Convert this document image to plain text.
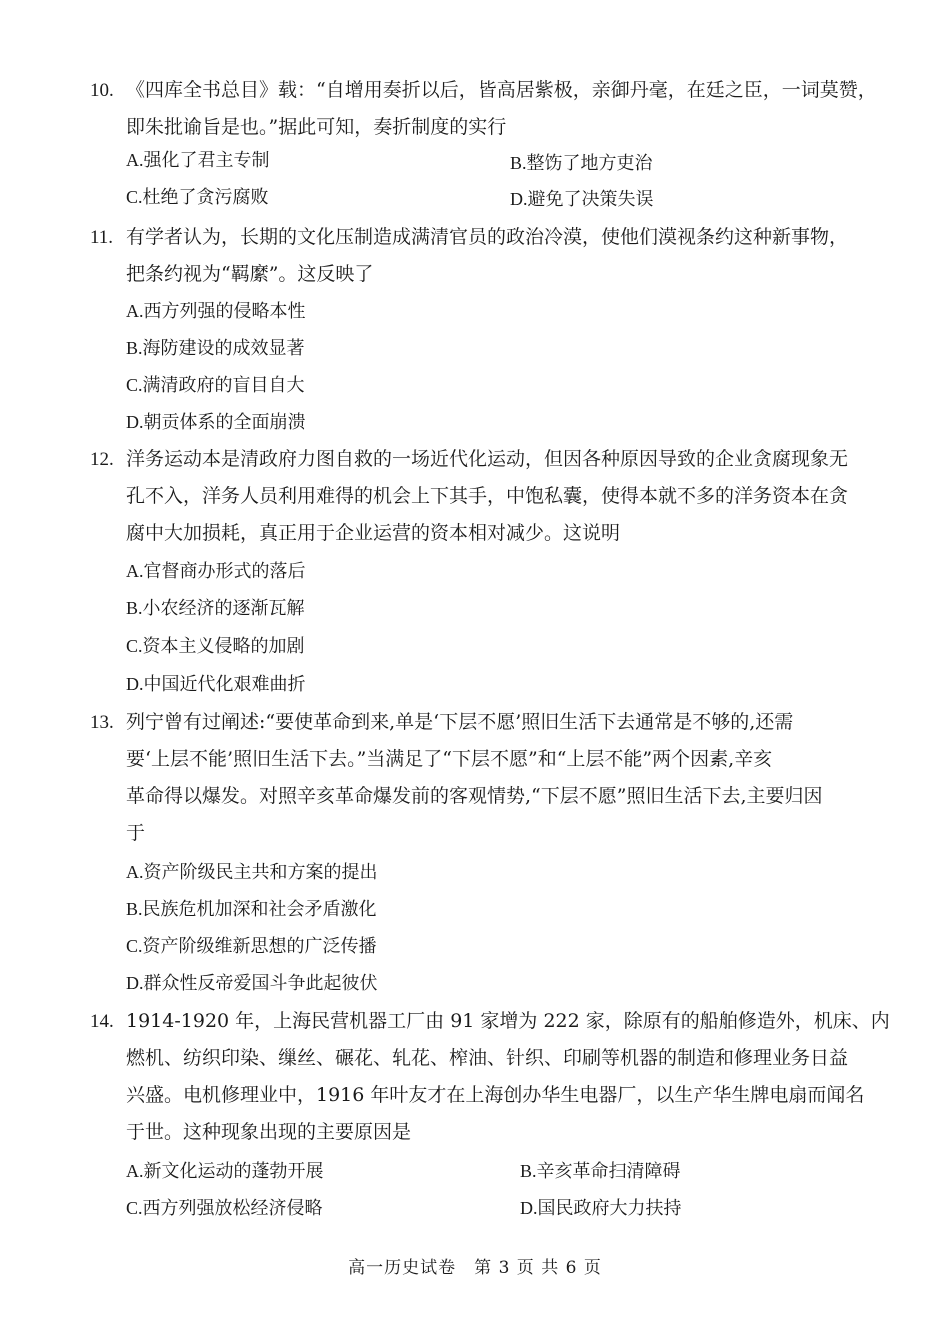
10. 《四库全书总目》载：“自增用奏折以后，皆高居紫极，亲御丹毫，在廷之臣，一词莫赞，
即朱批谕旨是也。”据此可知，奏折制度的实行
A.强化了君主专制	B.整饬了地方吏治
C.杜绝了贪污腐败	D.避免了决策失误
11. 有学者认为，长期的文化压制造成满清官员的政治冷漠，使他们漠视条约这种新事物，
把条约视为“羁縻”。这反映了
A.西方列强的侵略本性
B.海防建设的成效显著
C.满清政府的盲目自大
D.朝贡体系的全面崩溃
12. 洋务运动本是清政府力图自救的一场近代化运动，但因各种原因导致的企业贪腐现象无
孔不入，洋务人员利用难得的机会上下其手，中饱私囊，使得本就不多的洋务资本在贪
腐中大加损耗，真正用于企业运营的资本相对减少。这说明
A.官督商办形式的落后
B.小农经济的逐渐瓦解
C.资本主义侵略的加剧
D.中国近代化艰难曲折
13. 列宁曾有过阐述:“要使革命到来,单是‘下层不愿’照旧生活下去通常是不够的,还需
要‘上层不能’照旧生活下去。”当满足了“下层不愿”和“上层不能”两个因素,辛亥
革命得以爆发。对照辛亥革命爆发前的客观情势,“下层不愿”照旧生活下去,主要归因
于
A.资产阶级民主共和方案的提出
B.民族危机加深和社会矛盾激化
C.资产阶级维新思想的广泛传播
D.群众性反帝爱国斗争此起彼伏
14. 1914-1920 年，上海民营机器工厂由 91 家增为 222 家，除原有的船舶修造外，机床、内
燃机、纺织印染、缫丝、碾花、轧花、榨油、针织、印刷等机器的制造和修理业务日益
兴盛。电机修理业中，1916 年叶友才在上海创办华生电器厂，以生产华生牌电扇而闻名
于世。这种现象出现的主要原因是
A.新文化运动的蓬勃开展	B.辛亥革命扫清障碍
C.西方列强放松经济侵略	D.国民政府大力扶持
高一历史试卷　第 3 页 共 6 页
